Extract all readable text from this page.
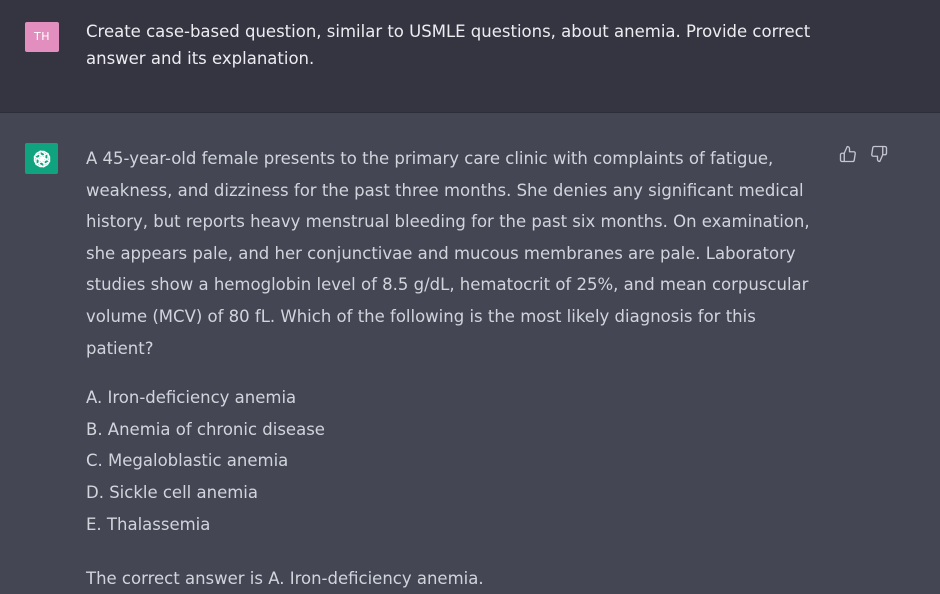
TH	Create case-based question, similar to USMLE questions, about anemia. Provide correct answer and its explanation.

A 45-year-old female presents to the primary care clinic with complaints of fatigue, weakness, and dizziness for the past three months. She denies any significant medical history, but reports heavy menstrual bleeding for the past six months. On examination, she appears pale, and her conjunctivae and mucous membranes are pale. Laboratory studies show a hemoglobin level of 8.5 g/dL, hematocrit of 25%, and mean corpuscular volume (MCV) of 80 fL. Which of the following is the most likely diagnosis for this patient?

A. Iron-deficiency anemia
B. Anemia of chronic disease
C. Megaloblastic anemia
D. Sickle cell anemia
E. Thalassemia
The correct answer is A. Iron-deficiency anemia.
